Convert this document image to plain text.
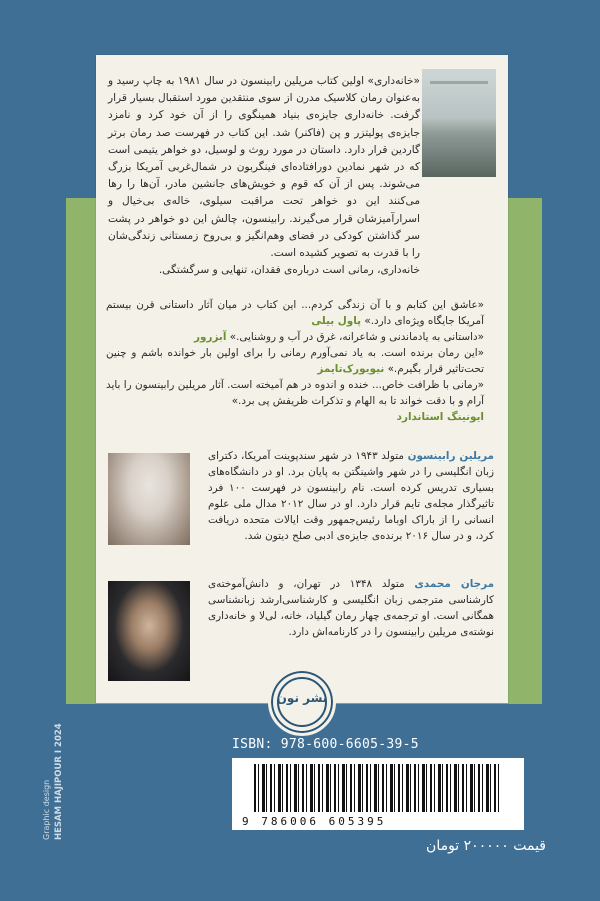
«خانه‌داری» اولین کتاب مریلین رابینسون در سال ۱۹۸۱ به چاپ رسید و به‌عنوان رمان کلاسیک مدرن از سوی منتقدین مورد استقبال بسیار قرار گرفت. خانه‌داری جایزه‌ی بنیاد همینگوی را از آن خود کرد و نامزد جایزه‌ی پولیتزر و پن (فاکنر) شد. این کتاب در فهرست صد رمان برتر گاردین قرار دارد. داستان در مورد روث و لوسیل، دو خواهر یتیمی است که در شهر نمادین دورافتاده‌ای فینگربون در شمال‌غربی آمریکا بزرگ می‌شوند. پس از آن که قوم و خویش‌های جانشین مادر، آن‌ها را رها می‌کنند این دو خواهر تحت مراقبت سیلوی، خاله‌ی بی‌خیال و اسرارآمیزشان قرار می‌گیرند. رابینسون، چالش این دو خواهر در پشت سر گذاشتن کودکی در فضای وهم‌انگیز و بی‌روح زمستانی زندگی‌شان را با قدرت به تصویر کشیده است.

خانه‌داری، رمانی است درباره‌ی فقدان، تنهایی و سرگشتگی.

«عاشق این کتابم و با آن زندگی کردم... این کتاب در میان آثار داستانی قرن بیستم آمریکا جایگاه ویژه‌ای دارد.» پاول بیلی
«داستانی به یادماندنی و شاعرانه، غرق در آب و روشنایی.» آبزرور
«این رمان برنده است. به یاد نمی‌آورم رمانی را برای اولین بار خوانده باشم و چنین تحت‌تاثیر قرار بگیرم.» نیویورک‌تایمز
«رمانی با ظرافت خاص... خنده و اندوه در هم آمیخته است. آثار مریلین رابینسون را باید آرام و با دقت خواند تا به الهام و تذکرات ظریفش پی برد.»
ایونینگ استاندارد
مریلین رابینسون متولد ۱۹۴۳ در شهر سندپوینت آمریکا، دکترای زبان انگلیسی را در شهر واشینگتن به پایان برد. او در دانشگاه‌های بسیاری تدریس کرده است. نام رابینسون در فهرست ۱۰۰ فرد تاثیرگذار مجله‌ی تایم قرار دارد. او در سال ۲۰۱۲ مدال ملی علوم انسانی را از باراک اوباما رئیس‌جمهور وقت ایالات متحده دریافت کرد، و در سال ۲۰۱۶ برنده‌ی جایزه‌ی ادبی صلح دیتون شد.
مرجان محمدی متولد ۱۳۴۸ در تهران، و دانش‌آموخته‌ی کارشناسی مترجمی زبان انگلیسی و کارشناسی‌ارشد زبانشناسی همگانی است. او ترجمه‌ی چهار رمان گیلیاد، خانه، لی‌لا و خانه‌داری نوشته‌ی مریلین رابینسون را در کارنامه‌اش دارد.
نشر نون
ISBN: 978-600-6605-39-5
9 786006 605395
قیمت ۲۰۰۰۰۰ تومان
Graphic design HESAM HAJIPOUR I 2024
